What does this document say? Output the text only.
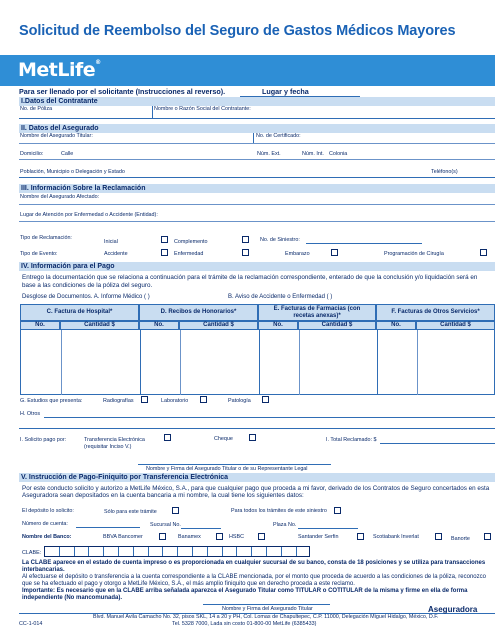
Solicitud de Reembolso del Seguro de Gastos Médicos Mayores
MetLife®
Para ser llenado por el solicitante (Instrucciones al reverso).	Lugar y fecha
I.Datos del Contratante
No. de Póliza	Nombre o Razón Social del Contratante:
II. Datos del Asegurado
Nombre del Asegurado Titular:	No. de Certificado:
Domicilio:	Calle	Núm. Ext.	Núm. Int. Colonia
Población, Municipio o Delegación y Estado	Teléfono(s)
III. Información Sobre la Reclamación
Nombre del Asegurado Afectado:
Lugar de Atención por Enfermedad o Accidente (Entidad):
Tipo de Reclamación:
Inicial	Complemento	No. de Siniestro:
Tipo de Evento:	Accidente	Enfermedad	Embarazo	Programación de Cirugía
IV. Información para el Pago
Entrego la documentación que se relaciona a continuación para el trámite de la reclamación correspondiente, enterado de que la conclusión y/o liquidación será en base a las condiciones de la póliza del seguro.
Desglose de Documentos. A. Informe Médico ( )	B. Aviso de Accidente o Enfermedad ( )
C. Factura de Hospital*	D. Recibos de Honorarios*
E. Facturas de Farmacias (con recetas anexas)*
F. Facturas de Otros Servicios*
No.	Cantidad $	No.	Cantidad $	No.	Cantidad $	No.	Cantidad $
G. Estudios que presenta:	Radiografías	Laboratorio	Patología
H. Otros
I. Solicito pago por:	Transferencia Electrónica (requisitar Inciso V.)
Cheque	I. Total Reclamado: $
Nombre y Firma del Asegurado Titular o de su Representante Legal
V. Instrucción de Pago-Finiquito por Transferencia Electrónica
Por este conducto solicito y autorizo a MetLife México, S.A., para que cualquier pago que proceda a mi favor, derivado de los Contratos de Seguro concertados en esta Aseguradora sean depositados en la cuenta bancaria a mi nombre, la cual tiene los siguientes datos:
El depósito lo solicito:	Sólo para este trámite	Para todos los trámites de este siniestro
Número de cuenta:	Sucursal No.	Plaza No.
Nombre del Banco:	BBVA Bancomer	Banamex	HSBC	Santander Serfin	Scotiabank Inverlat	Banorte
CLABE:
La CLABE aparece en el estado de cuenta impreso o es proporcionada en cualquier sucursal de su banco, consta de 18 posiciones y se utiliza para transacciones interbancarias.
Al efectuarse el depósito o transferencia a la cuenta correspondiente a la CLABE mencionada, por el monto que proceda de acuerdo a las condiciones de la póliza, reconozco que se ha efectuado el pago y otorgo a MetLife México, S.A., el más amplio finiquito que en derecho proceda a este reclamo.
Importante: Es necesario que en la CLABE arriba señalada aparezca el Asegurado Titular como TITULAR o COTITULAR de la misma y firme en ella de forma independiente (No mancomunada).
Nombre y Firma del Asegurado Titular
CC-1-014
Blvd. Manuel Avila Camacho No. 32, pisos SKL, 14 a 20 y PH, Col. Lomas de Chapultepec, C.P. 11000, Delegación Miguel Hidalgo, México, D.F.
Tel. 5328 7000, Lada sin costo 01-800-00 MetLife (6385433)
Aseguradora
